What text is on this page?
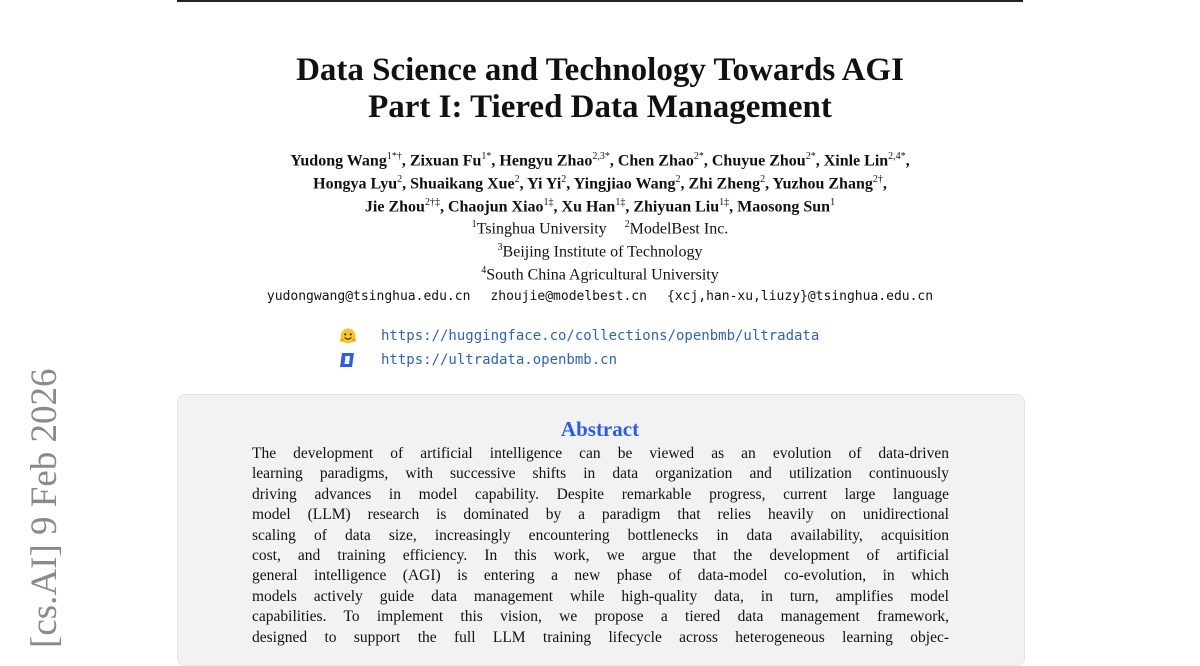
[cs.AI] 9 Feb 2026
Data Science and Technology Towards AGI
Part I: Tiered Data Management
Yudong Wang$^{1*\dagger}$, Zixuan $Fu^{1*}$, Hengyu Zhao$^{2,3*}$, Chen Zhao$^{2*}$, Chuyue Zhou$^{2*}$, Xinle Lin$^{2,4*}$,
Hongya Lyu$^2$, Shuaikang Xue$^2$, Yi Yi$^2$, Yingjiao Wang$^2$, Zhi Zheng$^2$, Yuzhou Zhang$^{2\dagger}$,
Jie Zhou$^{2\dagger\ddagger}$, Chaojun Xiao$^{1\ddagger}$, Xu Han$^{1\ddagger}$, Zhiyuan Liu$^{1\ddagger}$, Maosong Sun$^1$
$^1$Tsinghua University $^2$ModelBest Inc.
$^3$Beijing Institute of Technology
$^4$South China Agricultural University
yudongwang@tsinghua.edu.cn zhoujie@modelbest.cn {xcj,han-xu,liuzy}@tsinghua.edu.cn
https://huggingface.co/collections/openbmb/ultradata
https://ultradata.openbmb.cn
Abstract
The development of artificial intelligence can be viewed as an evolution of data-driven
learning paradigms, with successive shifts in data organization and utilization continuously
driving advances in model capability. Despite remarkable progress, current large language
model (LLM) research is dominated by a paradigm that relies heavily on unidirectional
scaling of data size, increasingly encountering bottlenecks in data availability, acquisition
cost, and training efficiency. In this work, we argue that the development of artificial
general intelligence (AGI) is entering a new phase of data-model co-evolution, in which
models actively guide data management while high-quality data, in turn, amplifies model
capabilities. To implement this vision, we propose a tiered data management framework,
designed to support the full LLM training lifecycle across heterogeneous learning objec-
